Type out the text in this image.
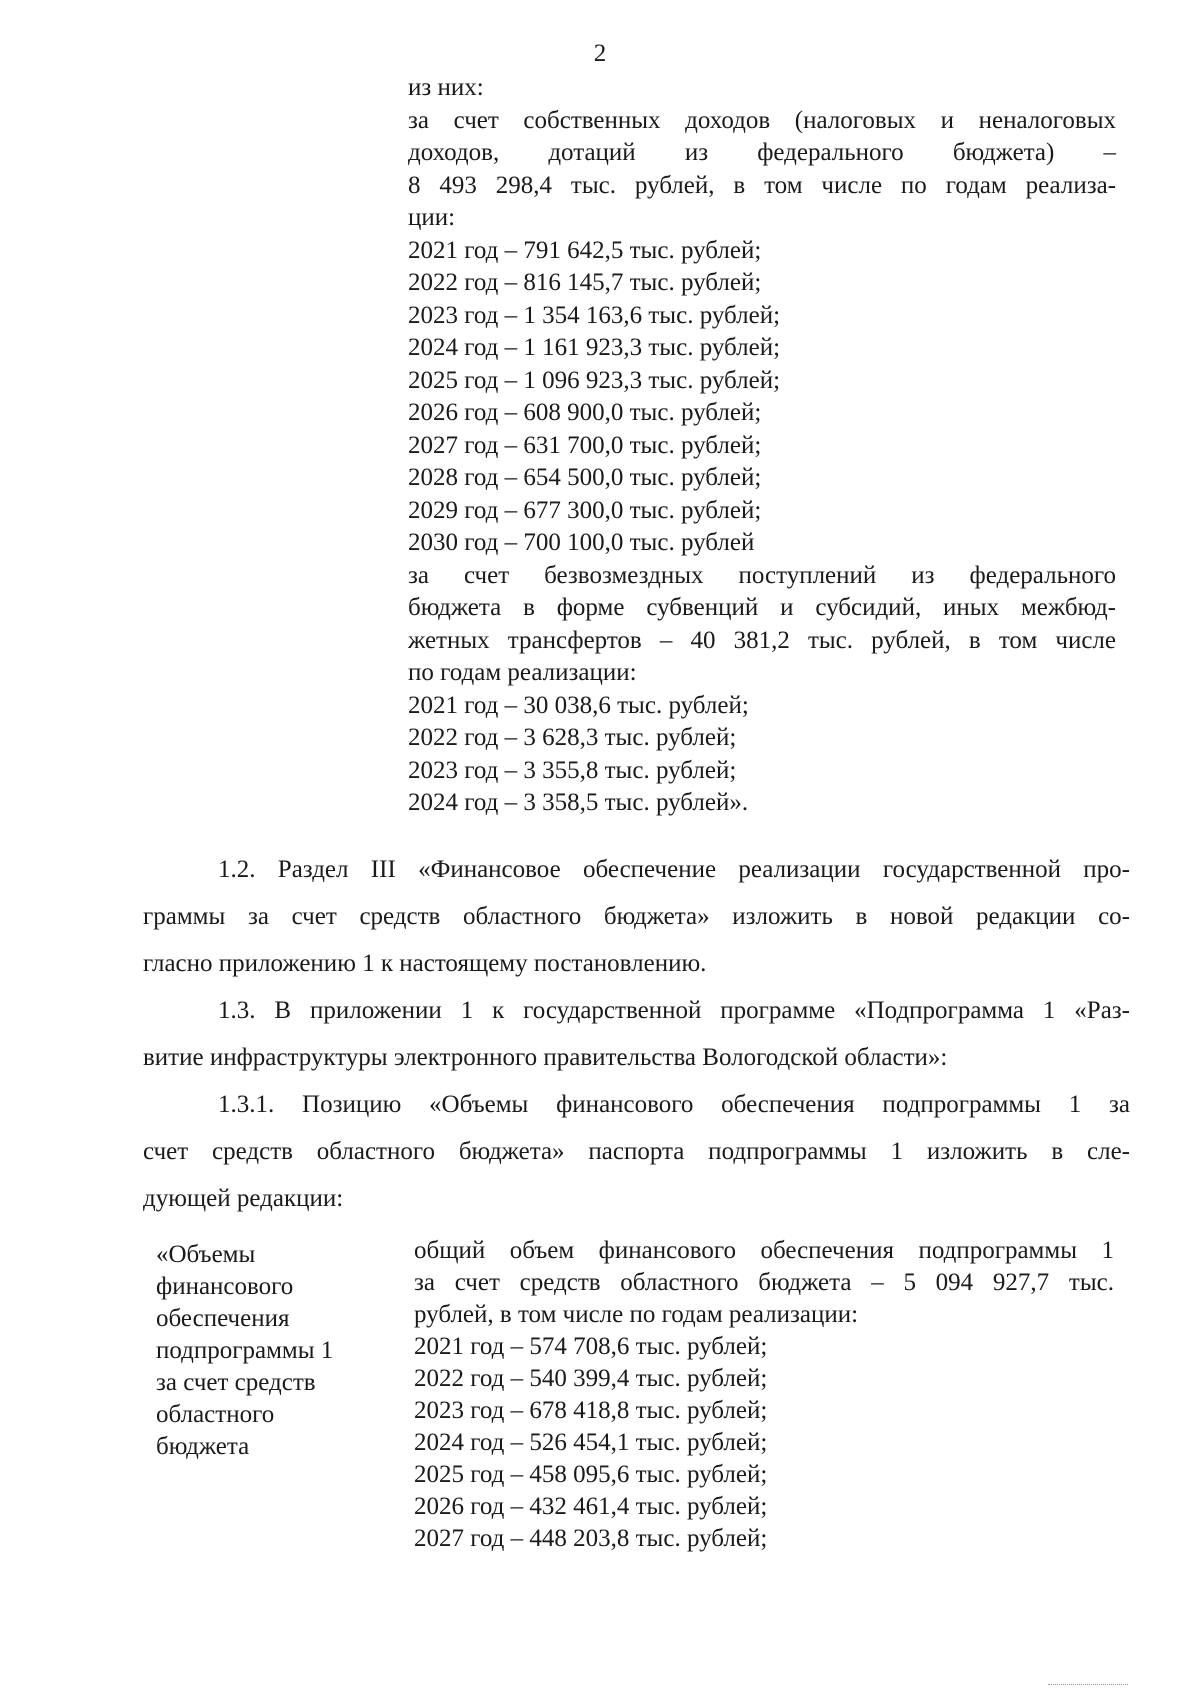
2
из них:
за счет собственных доходов (налоговых и неналоговых
доходов, дотаций из федерального бюджета) –
8 493 298,4 тыс. рублей, в том числе по годам реализа-
ции:
2021 год – 791 642,5 тыс. рублей;
2022 год – 816 145,7 тыс. рублей;
2023 год – 1 354 163,6 тыс. рублей;
2024 год – 1 161 923,3 тыс. рублей;
2025 год – 1 096 923,3 тыс. рублей;
2026 год – 608 900,0 тыс. рублей;
2027 год – 631 700,0 тыс. рублей;
2028 год – 654 500,0 тыс. рублей;
2029 год – 677 300,0 тыс. рублей;
2030 год – 700 100,0 тыс. рублей
за счет безвозмездных поступлений из федерального
бюджета в форме субвенций и субсидий, иных межбюд-
жетных трансфертов – 40 381,2 тыс. рублей, в том числе
по годам реализации:
2021 год – 30 038,6 тыс. рублей;
2022 год – 3 628,3 тыс. рублей;
2023 год – 3 355,8 тыс. рублей;
2024 год – 3 358,5 тыс. рублей».
1.2. Раздел III «Финансовое обеспечение реализации государственной про-
граммы за счет средств областного бюджета» изложить в новой редакции со-
гласно приложению 1 к настоящему постановлению.
1.3. В приложении 1 к государственной программе «Подпрограмма 1 «Раз-
витие инфраструктуры электронного правительства Вологодской области»:
1.3.1. Позицию «Объемы финансового обеспечения подпрограммы 1 за
счет средств областного бюджета» паспорта подпрограммы 1 изложить в сле-
дующей редакции:
«Объемы
финансового
обеспечения
подпрограммы 1
за счет средств
областного
бюджета
общий объем финансового обеспечения подпрограммы 1
за счет средств областного бюджета – 5 094 927,7 тыс.
рублей, в том числе по годам реализации:
2021 год – 574 708,6 тыс. рублей;
2022 год – 540 399,4 тыс. рублей;
2023 год – 678 418,8 тыс. рублей;
2024 год – 526 454,1 тыс. рублей;
2025 год – 458 095,6 тыс. рублей;
2026 год – 432 461,4 тыс. рублей;
2027 год – 448 203,8 тыс. рублей;
